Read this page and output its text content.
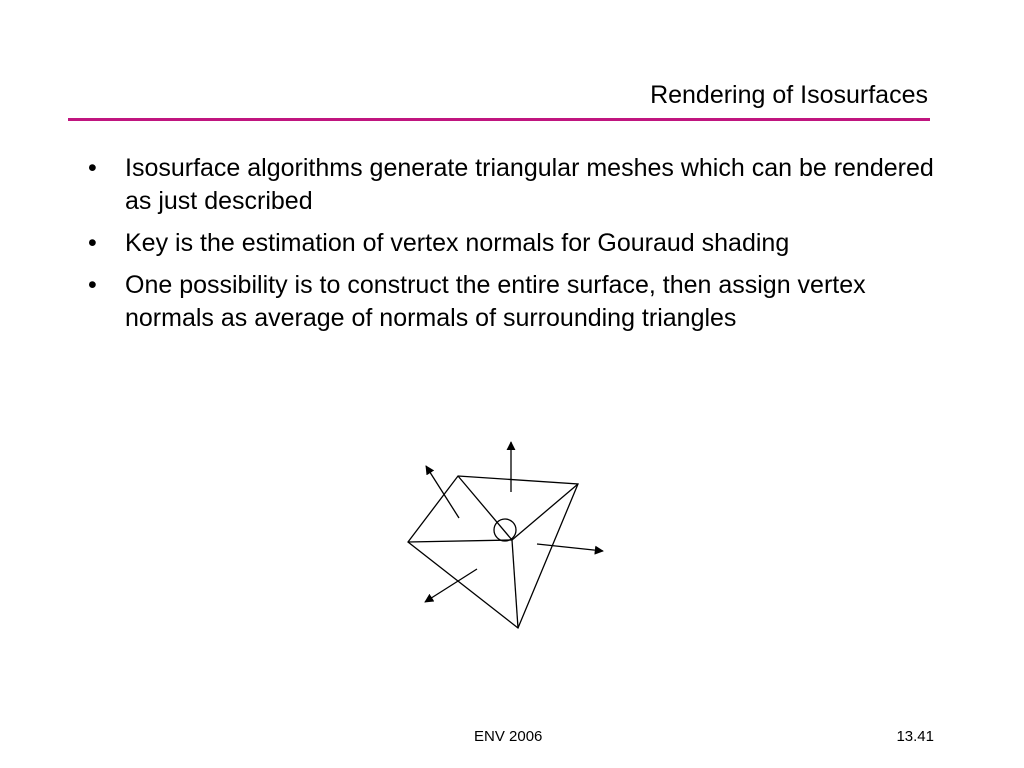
Rendering of Isosurfaces
• Isosurface algorithms generate triangular meshes which can be rendered as just described
• Key is the estimation of vertex normals for Gouraud shading
• One possibility is to construct the entire surface, then assign vertex normals as average of normals of surrounding triangles
ENV 2006	13.41
